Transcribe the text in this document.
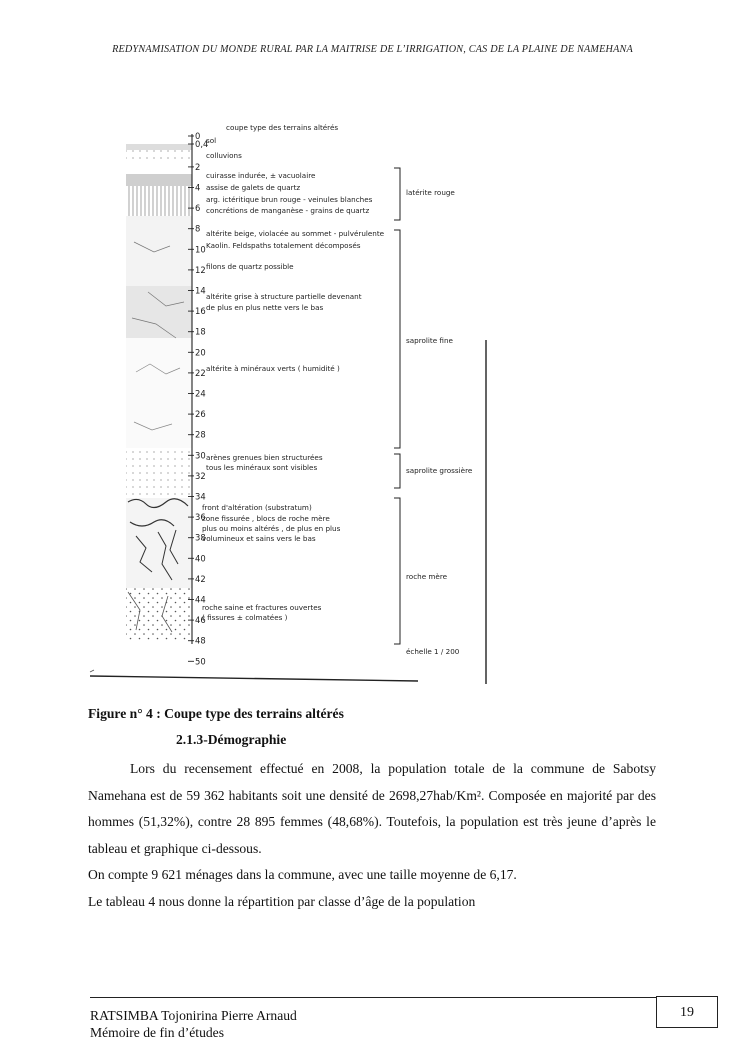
REDYNAMISATION DU MONDE RURAL PAR LA MAITRISE DE L’IRRIGATION, CAS DE LA PLAINE DE NAMEHANA
coupe type des terrains altérés
0
0,4
2
4
6
8
10
12
14
16
18
20
22
24
26
28
30
32
34
36
38
40
42
44
46
48
50
sol
colluvions
cuirasse indurée, ± vacuolaire
assise de galets de quartz
arg. ictéritique brun rouge - veinules blanches
concrétions de manganèse - grains de quartz
altérite beige, violacée au sommet - pulvérulente
Kaolin. Feldspaths totalement décomposés
filons de quartz possible
altérite grise à structure partielle devenant
de plus en plus nette vers le bas
altérite à minéraux verts ( humidité )
arènes grenues bien structurées
tous les minéraux sont visibles
front d'altération (substratum)
zone fissurée , blocs de roche mère
plus ou moins altérés , de plus en plus
volumineux et sains vers le bas
roche saine et fractures ouvertes
( fissures ± colmatées )
latérite rouge
saprolite fine
saprolite grossière
roche mère
échelle 1 / 200
Figure n° 4 : Coupe type des terrains altérés
2.1.3-Démographie

Lors du recensement effectué en 2008, la population totale de la commune de Sabotsy Namehana est de 59 362 habitants soit une densité de 2698,27hab/Km². Composée en majorité par des hommes (51,32%), contre 28 895 femmes (48,68%). Toutefois, la population est très jeune d’après le tableau et graphique ci-dessous.

On compte 9 621 ménages dans la commune, avec une taille moyenne de 6,17.

Le tableau 4 nous donne la répartition par classe d’âge de la population

RATSIMBA Tojonirina Pierre Arnaud
Mémoire de fin d’études
19
